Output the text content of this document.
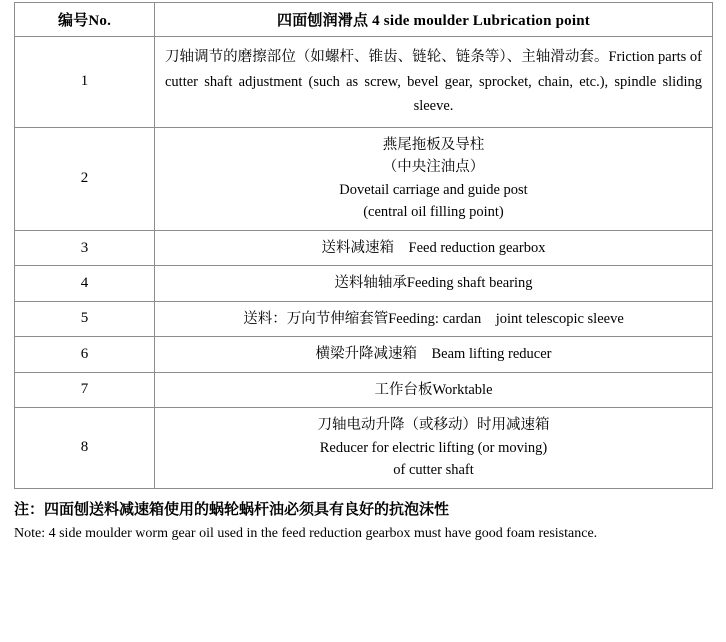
编号No.	四面刨润滑点 4 side moulder Lubrication point
1	刀轴调节的磨擦部位（如螺杆、锥齿、链轮、链条等）、主轴滑动套。Friction parts of cutter shaft adjustment (such as screw, bevel gear, sprocket, chain, etc.), spindle sliding sleeve.

2	燕尾拖板及导柱
（中央注油点）
Dovetail carriage and guide post
(central oil filling point)

3	送料减速箱　Feed reduction gearbox

4	送料轴轴承Feeding shaft bearing

5	送料：万向节伸缩套管Feeding: cardan　joint telescopic sleeve

6	横梁升降减速箱　Beam lifting reducer

7	工作台板Worktable

8	刀轴电动升降（或移动）时用减速箱
Reducer for electric lifting (or moving)
of cutter shaft
注：四面刨送料减速箱使用的蜗轮蜗杆油必须具有良好的抗泡沫性
Note: 4 side moulder worm gear oil used in the feed reduction gearbox must have good foam resistance.
